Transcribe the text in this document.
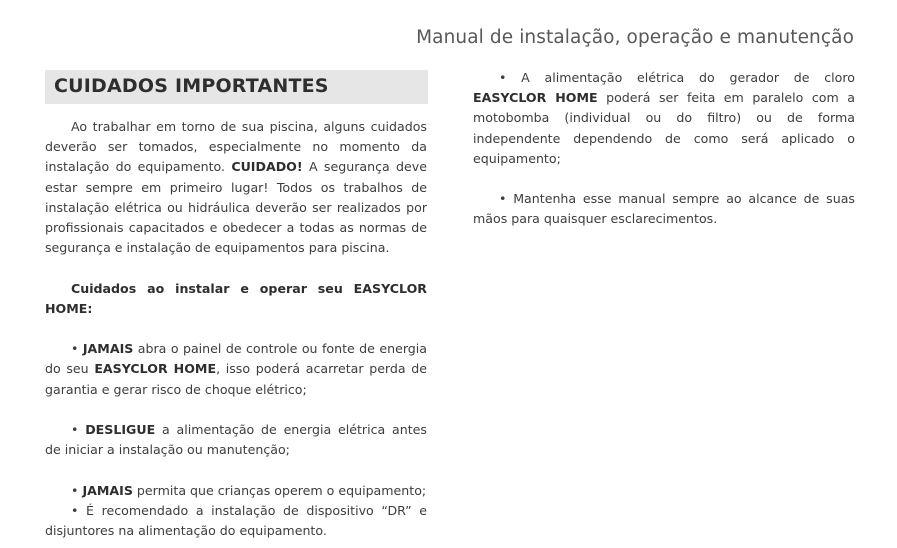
Manual de instalação, operação e manutenção
CUIDADOS IMPORTANTES

Ao trabalhar em torno de sua piscina, alguns cuidados deverão ser tomados, especialmente no momento da instalação do equipamento. CUIDADO! A segurança deve estar sempre em primeiro lugar! Todos os trabalhos de instalação elétrica ou hidráulica deverão ser realizados por profissionais capacitados e obedecer a todas as normas de segurança e instalação de equipamentos para piscina.

Cuidados ao instalar e operar seu EASYCLOR HOME:

• JAMAIS abra o painel de controle ou fonte de energia do seu EASYCLOR HOME, isso poderá acarretar perda de garantia e gerar risco de choque elétrico;

• DESLIGUE a alimentação de energia elétrica antes de iniciar a instalação ou manutenção;

• JAMAIS permita que crianças operem o equipamento;

• É recomendado a instalação de dispositivo “DR” e disjuntores na alimentação do equipamento.

• A alimentação elétrica do gerador de cloro EASYCLOR HOME poderá ser feita em paralelo com a motobomba (individual ou do filtro) ou de forma independente dependendo de como será aplicado o equipamento;

• Mantenha esse manual sempre ao alcance de suas mãos para quaisquer esclarecimentos.
